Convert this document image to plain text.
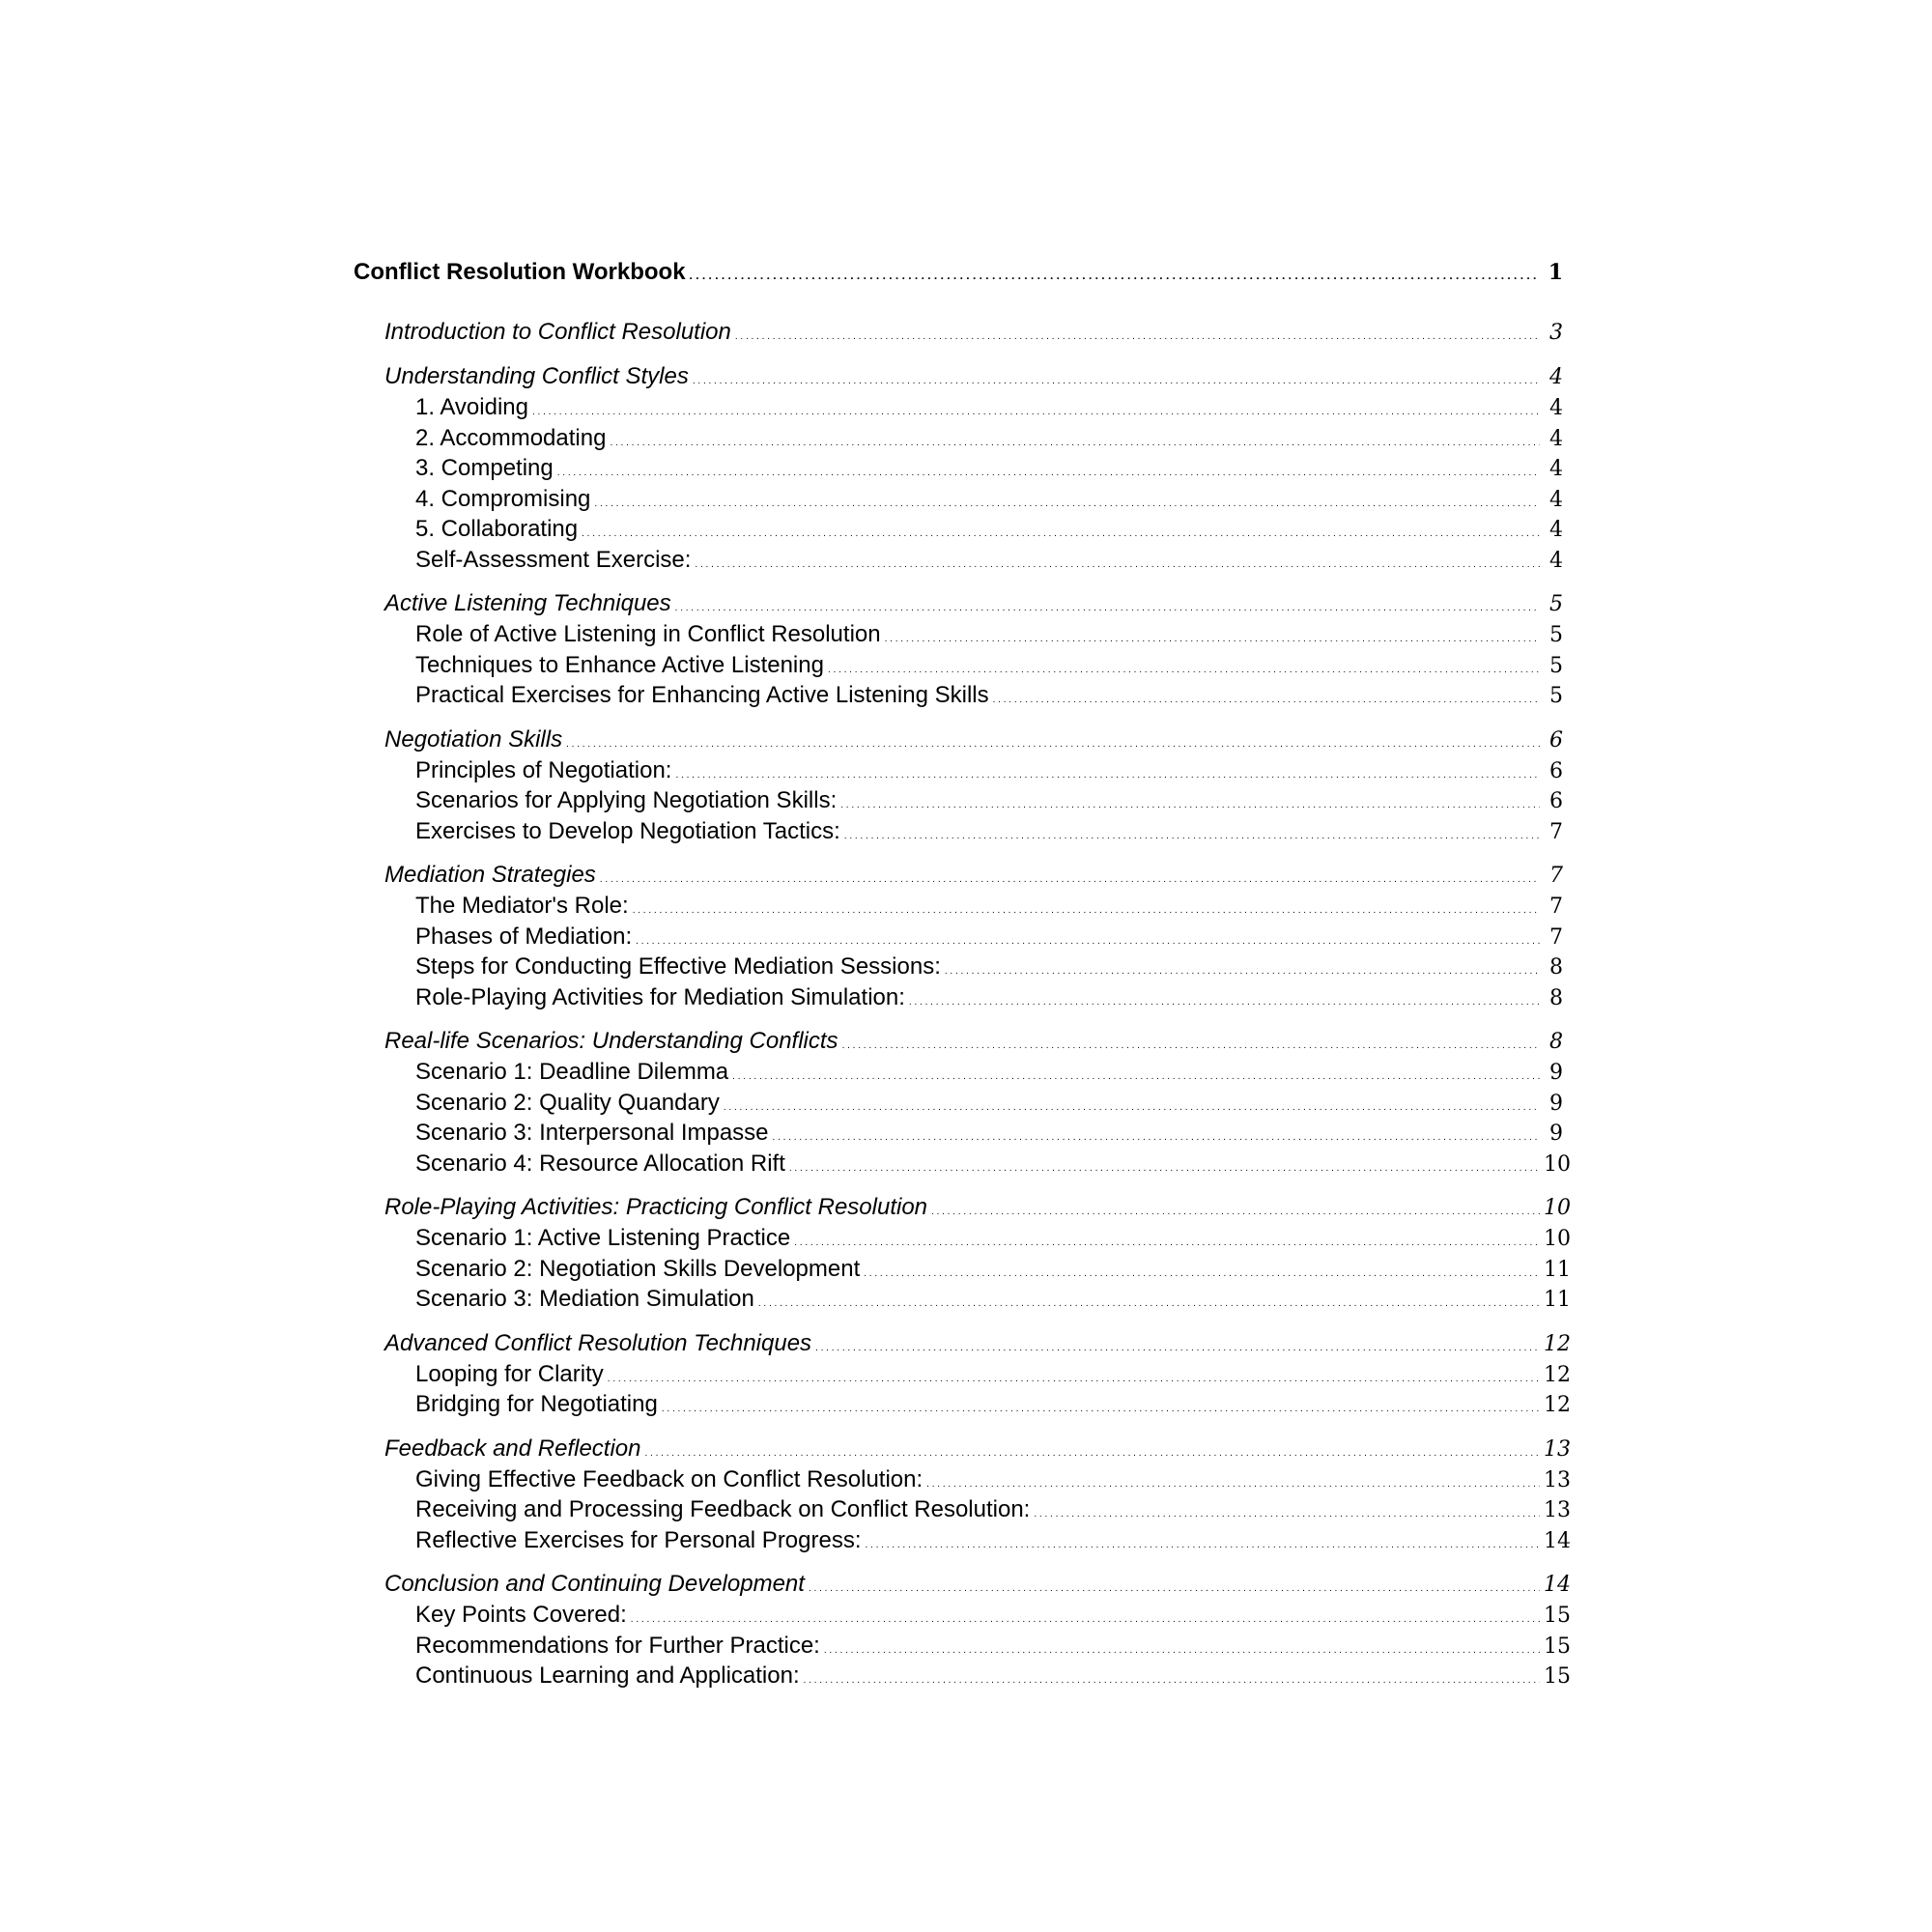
Conflict Resolution Workbook . . .	1
Introduction to Conflict Resolution . . .	3
Understanding Conflict Styles . . .	4
1. Avoiding . . .	4
2. Accommodating . . .	4
3. Competing . . .	4
4. Compromising . . .	4
5. Collaborating . . .	4
Self-Assessment Exercise: . . .	4
Active Listening Techniques . . .	5
Role of Active Listening in Conflict Resolution . . .	5
Techniques to Enhance Active Listening . . .	5
Practical Exercises for Enhancing Active Listening Skills . . .	5
Negotiation Skills . . .	6
Principles of Negotiation: . . .	6
Scenarios for Applying Negotiation Skills: . . .	6
Exercises to Develop Negotiation Tactics: . . .	7
Mediation Strategies . . .	7
The Mediator's Role: . . .	7
Phases of Mediation: . . .	7
Steps for Conducting Effective Mediation Sessions: . . .	8
Role-Playing Activities for Mediation Simulation: . . .	8
Real-life Scenarios: Understanding Conflicts . . .	8
Scenario 1: Deadline Dilemma . . .	9
Scenario 2: Quality Quandary . . .	9
Scenario 3: Interpersonal Impasse . . .	9
Scenario 4: Resource Allocation Rift . . .	10
Role-Playing Activities: Practicing Conflict Resolution . . .	10
Scenario 1: Active Listening Practice . . .	10
Scenario 2: Negotiation Skills Development . . .	11
Scenario 3: Mediation Simulation . . .	11
Advanced Conflict Resolution Techniques . . .	12
Looping for Clarity . . .	12
Bridging for Negotiating . . .	12
Feedback and Reflection . . .	13
Giving Effective Feedback on Conflict Resolution: . . .	13
Receiving and Processing Feedback on Conflict Resolution: . . .	13
Reflective Exercises for Personal Progress: . . .	14
Conclusion and Continuing Development . . .	14
Key Points Covered: . . .	15
Recommendations for Further Practice: . . .	15
Continuous Learning and Application: . . .	15
